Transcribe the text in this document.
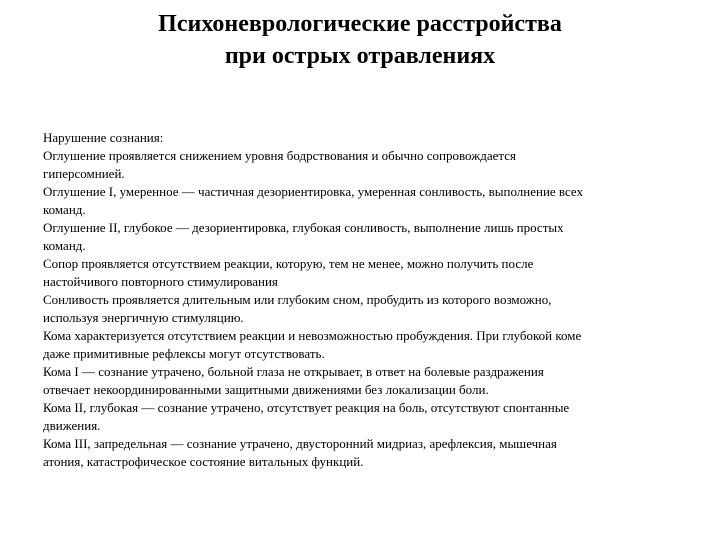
Психоневрологические расстройства
при острых отравлениях
Нарушение сознания:
Оглушение проявляется снижением уровня бодрствования и обычно сопровождается
гиперсомнией.
Оглушение I, умеренное — частичная дезориентировка, умеренная сонливость, выполнение всех
команд.
Оглушение II, глубокое — дезориентировка, глубокая сонливость, выполнение лишь простых
команд.
Сопор проявляется отсутствием реакции, которую, тем не менее, можно получить после
настойчивого повторного стимулирования
Сонливость проявляется длительным или глубоким сном, пробудить из которого возможно,
используя энергичную стимуляцию.
Кома характеризуется отсутствием реакции и невозможностью пробуждения. При глубокой коме
даже примитивные рефлексы могут отсутствовать.
Кома I — сознание утрачено, больной глаза не открывает, в ответ на болевые раздражения
отвечает некоординированными защитными движениями без локализации боли.
Кома II, глубокая — сознание утрачено, отсутствует реакция на боль, отсутствуют спонтанные
движения.
Кома III, запредельная — сознание утрачено, двусторонний мидриаз, арефлексия, мышечная
атония, катастрофическое состояние витальных функций.
